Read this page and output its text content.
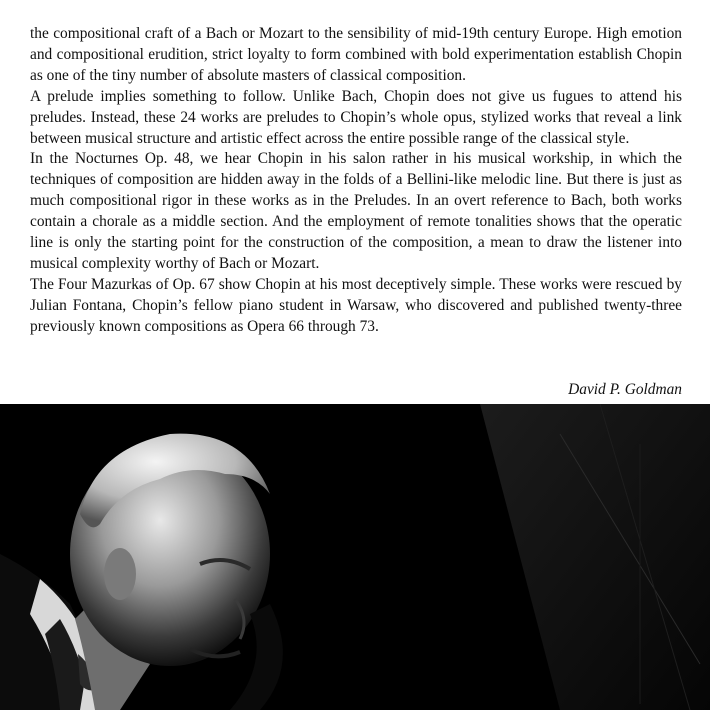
the compositional craft of a Bach or Mozart to the sensibility of mid-19th century Europe. High emotion and compositional erudition, strict loyalty to form combined with bold experimentation establish Chopin as one of the tiny number of absolute masters of classical composition.

A prelude implies something to follow. Unlike Bach, Chopin does not give us fugues to attend his preludes. Instead, these 24 works are preludes to Chopin’s whole opus, stylized works that reveal a link between musical structure and artistic effect across the entire possible range of the classical style.

In the Nocturnes Op. 48, we hear Chopin in his salon rather in his musical workship, in which the techniques of composition are hidden away in the folds of a Bellini-like melodic line. But there is just as much compositional rigor in these works as in the Preludes. In an overt reference to Bach, both works contain a chorale as a middle section. And the employment of remote tonalities shows that the operatic line is only the starting point for the construction of the composition, a mean to draw the listener into musical complexity worthy of Bach or Mozart.

The Four Mazurkas of Op. 67 show Chopin at his most deceptively simple. These works were rescued by Julian Fontana, Chopin’s fellow piano student in Warsaw, who discovered and published twenty-three previously known compositions as Opera 66 through 73.

David P. Goldman
